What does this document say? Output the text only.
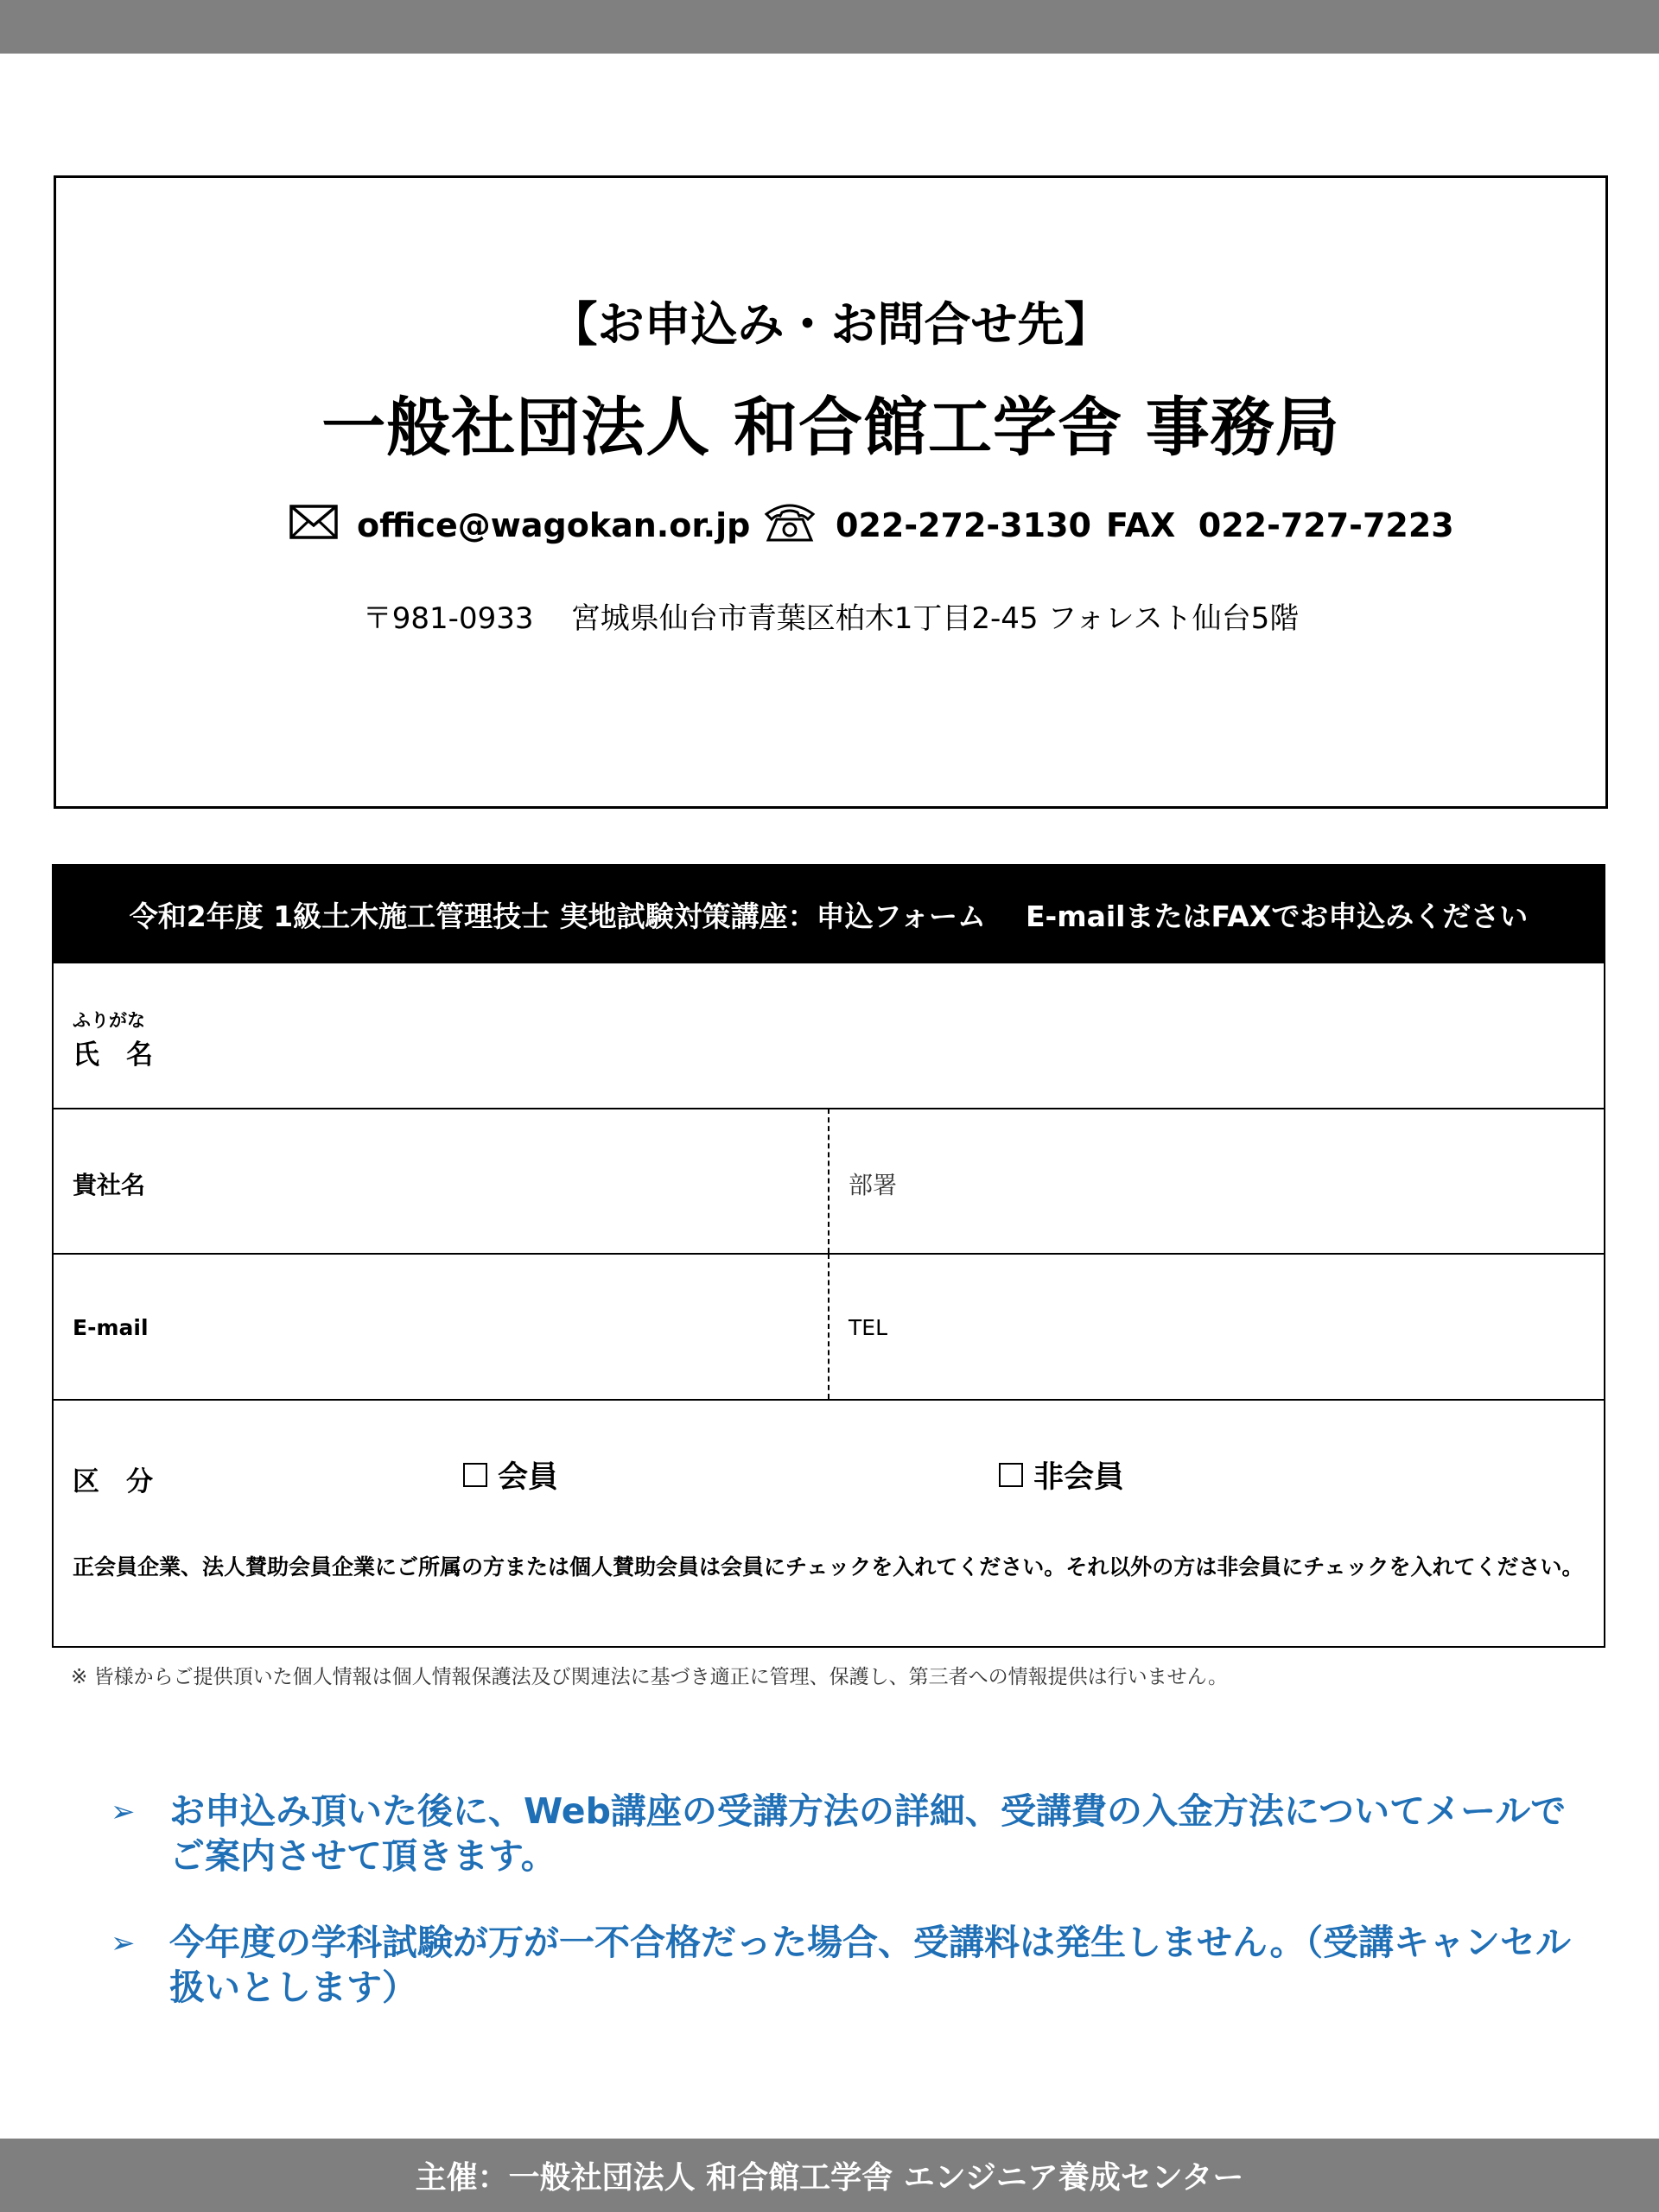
【お申込み・お問合せ先】
一般社団法人 和合館工学舎 事務局
office@wagokan.or.jp	022-272-3130 FAX  022-727-7223
〒981-0933    宮城県仙台市青葉区柏木1丁目2-45 フォレスト仙台5階
令和2年度 1級土木施工管理技士 実地試験対策講座：申込フォーム    E-mailまたはFAXでお申込みください
ふりがな
氏　名
貴社名	部署
E-mail	TEL
区　分	会員	非会員
正会員企業、法人賛助会員企業にご所属の方または個人賛助会員は会員にチェックを入れてください。それ以外の方は非会員にチェックを入れてください。
※ 皆様からご提供頂いた個人情報は個人情報保護法及び関連法に基づき適正に管理、保護し、第三者への情報提供は行いません。
➢ お申込み頂いた後に、Web講座の受講方法の詳細、受講費の入金方法についてメールでご案内させて頂きます。
➢ 今年度の学科試験が万が一不合格だった場合、受講料は発生しません。（受講キャンセル扱いとします）
主催：一般社団法人 和合館工学舎 エンジニア養成センター
